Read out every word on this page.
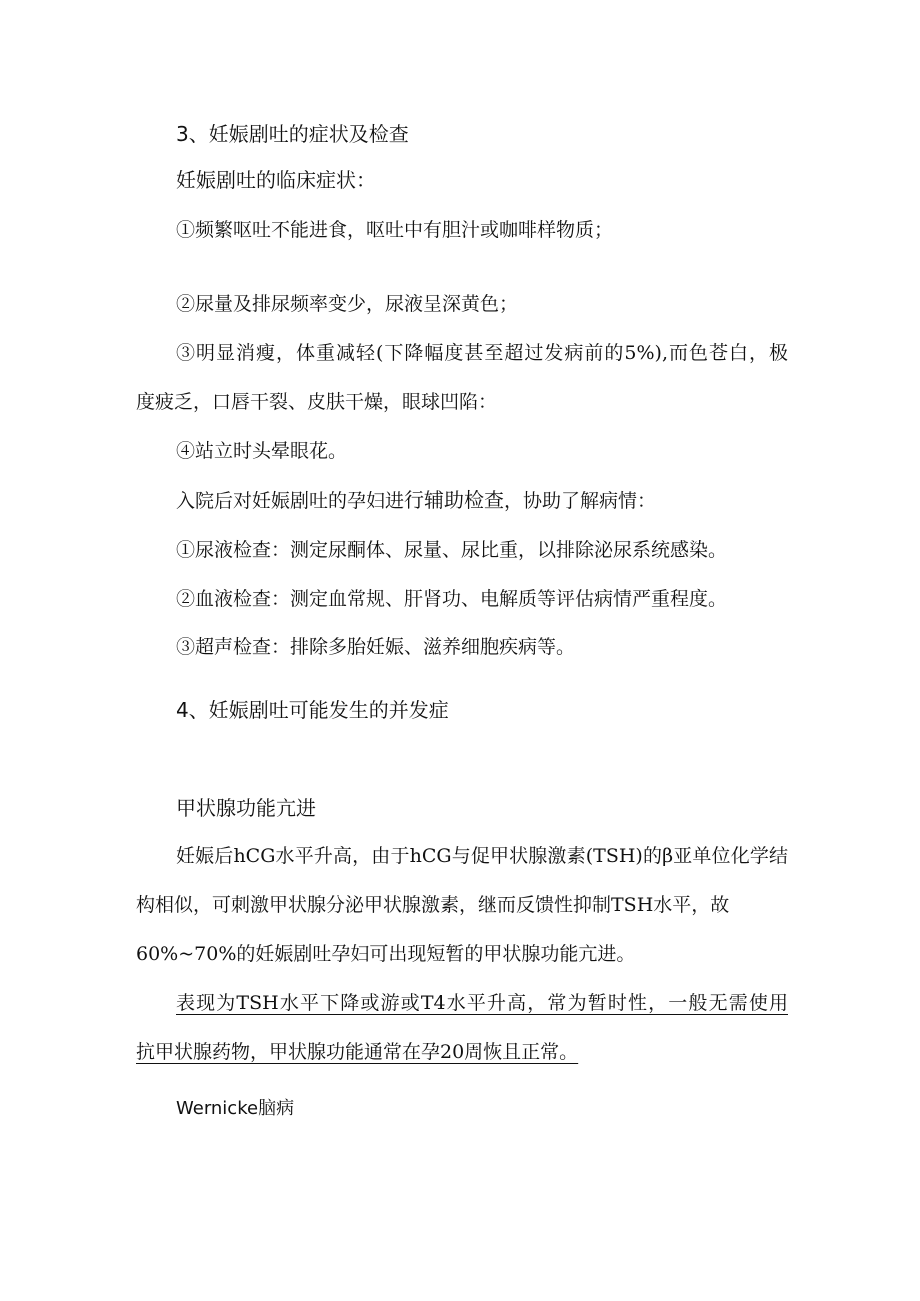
3、妊娠剧吐的症状及检查
妊娠剧吐的临床症状：
①频繁呕吐不能进食，呕吐中有胆汁或咖啡样物质；
②尿量及排尿频率变少，尿液呈深黄色；
③明显消瘦，体重减轻(下降幅度甚至超过发病前的5%),而色苍白，极
度疲乏，口唇干裂、皮肤干燥，眼球凹陷：
④站立时头晕眼花。
入院后对妊娠剧吐的孕妇进行辅助检查，协助了解病情：
①尿液检查：测定尿酮体、尿量、尿比重，以排除泌尿系统感染。
②血液检查：测定血常规、肝肾功、电解质等评估病情严重程度。
③超声检查：排除多胎妊娠、滋养细胞疾病等。
4、妊娠剧吐可能发生的并发症
甲状腺功能亢进
妊娠后hCG水平升高，由于hCG与促甲状腺激素(TSH)的β亚单位化学结
构相似，可刺激甲状腺分泌甲状腺激素，继而反馈性抑制TSH水平，故
60%~70%的妊娠剧吐孕妇可出现短暂的甲状腺功能亢进。
表现为TSH水平下降或游或T4水平升高，常为暂时性，一般无需使用
抗甲状腺药物，甲状腺功能通常在孕20周恢且正常。
Wernicke脑病
